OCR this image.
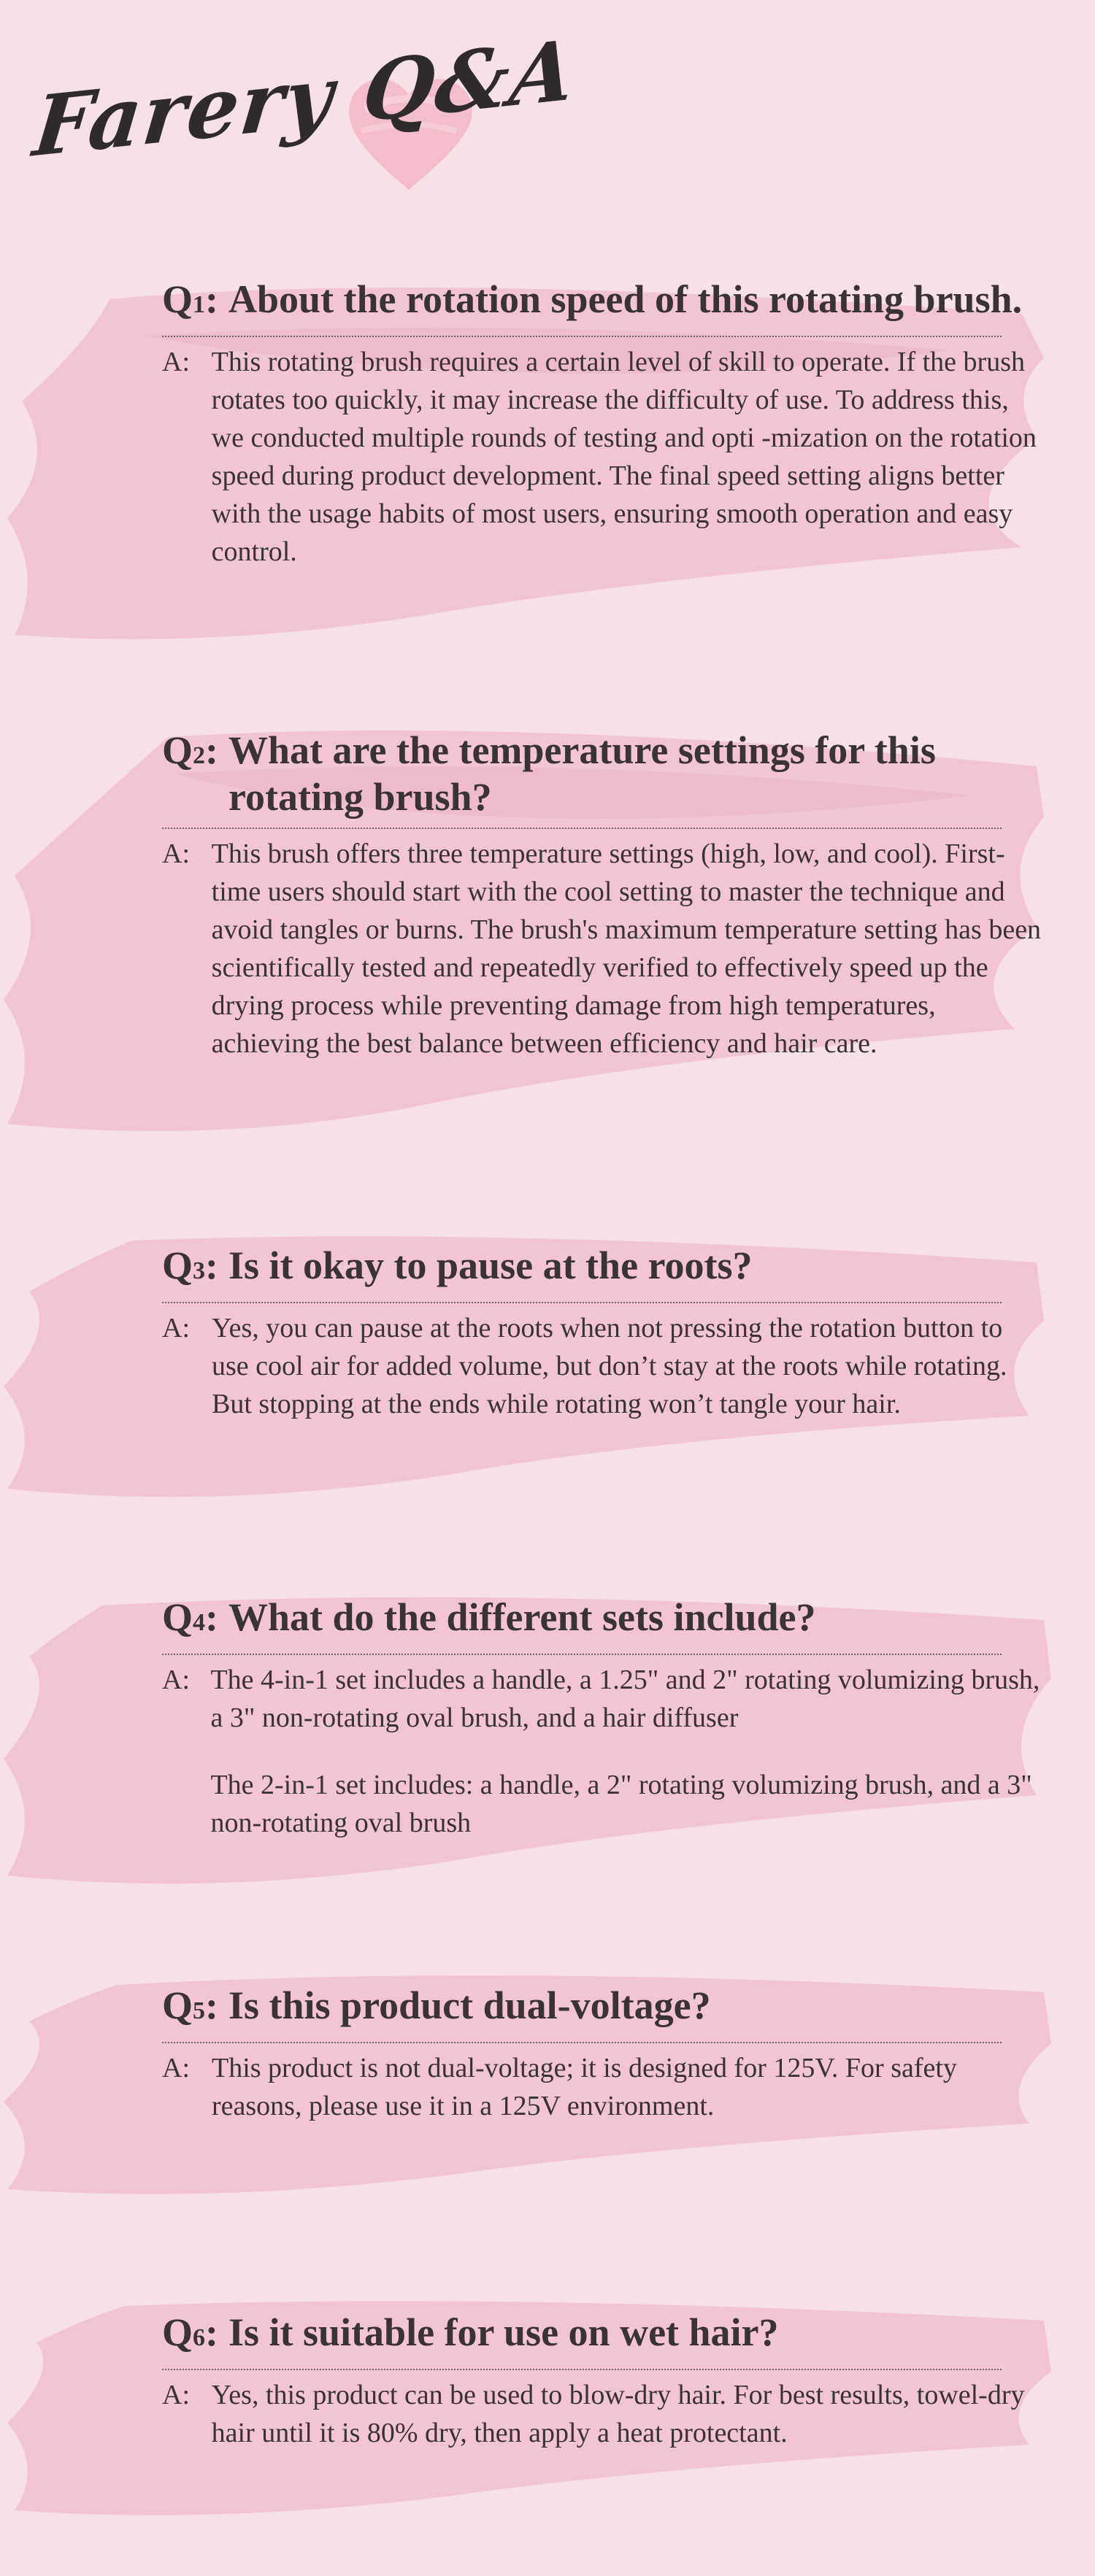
Farery Q&A
Q1: About the rotation speed of this rotating brush.
A: This rotating brush requires a certain level of skill to operate. If the brush rotates too quickly, it may increase the difficulty of use. To address this, we conducted multiple rounds of testing and opti -mization on the rotation speed during product development. The final speed setting aligns better with the usage habits of most users, ensuring smooth operation and easy control.

Q2: What are the temperature settings for this rotating brush?
A: This brush offers three temperature settings (high, low, and cool). First-time users should start with the cool setting to master the technique and avoid tangles or burns. The brush's maximum temperature setting has been scientifically tested and repeatedly verified to effectively speed up the drying process while preventing damage from high temperatures, achieving the best balance between efficiency and hair care.

Q3: Is it okay to pause at the roots?
A: Yes, you can pause at the roots when not pressing the rotation button to use cool air for added volume, but don’t stay at the roots while rotating. But stopping at the ends while rotating won’t tangle your hair.

Q4: What do the different sets include?
A: The 4-in-1 set includes a handle, a 1.25" and 2" rotating volumizing brush, a 3" non-rotating oval brush, and a hair diffuser

The 2-in-1 set includes: a handle, a 2" rotating volumizing brush, and a 3" non-rotating oval brush

Q5: Is this product dual-voltage?
A: This product is not dual-voltage; it is designed for 125V. For safety reasons, please use it in a 125V environment.

Q6: Is it suitable for use on wet hair?
A: Yes, this product can be used to blow-dry hair. For best results, towel-dry hair until it is 80% dry, then apply a heat protectant.
